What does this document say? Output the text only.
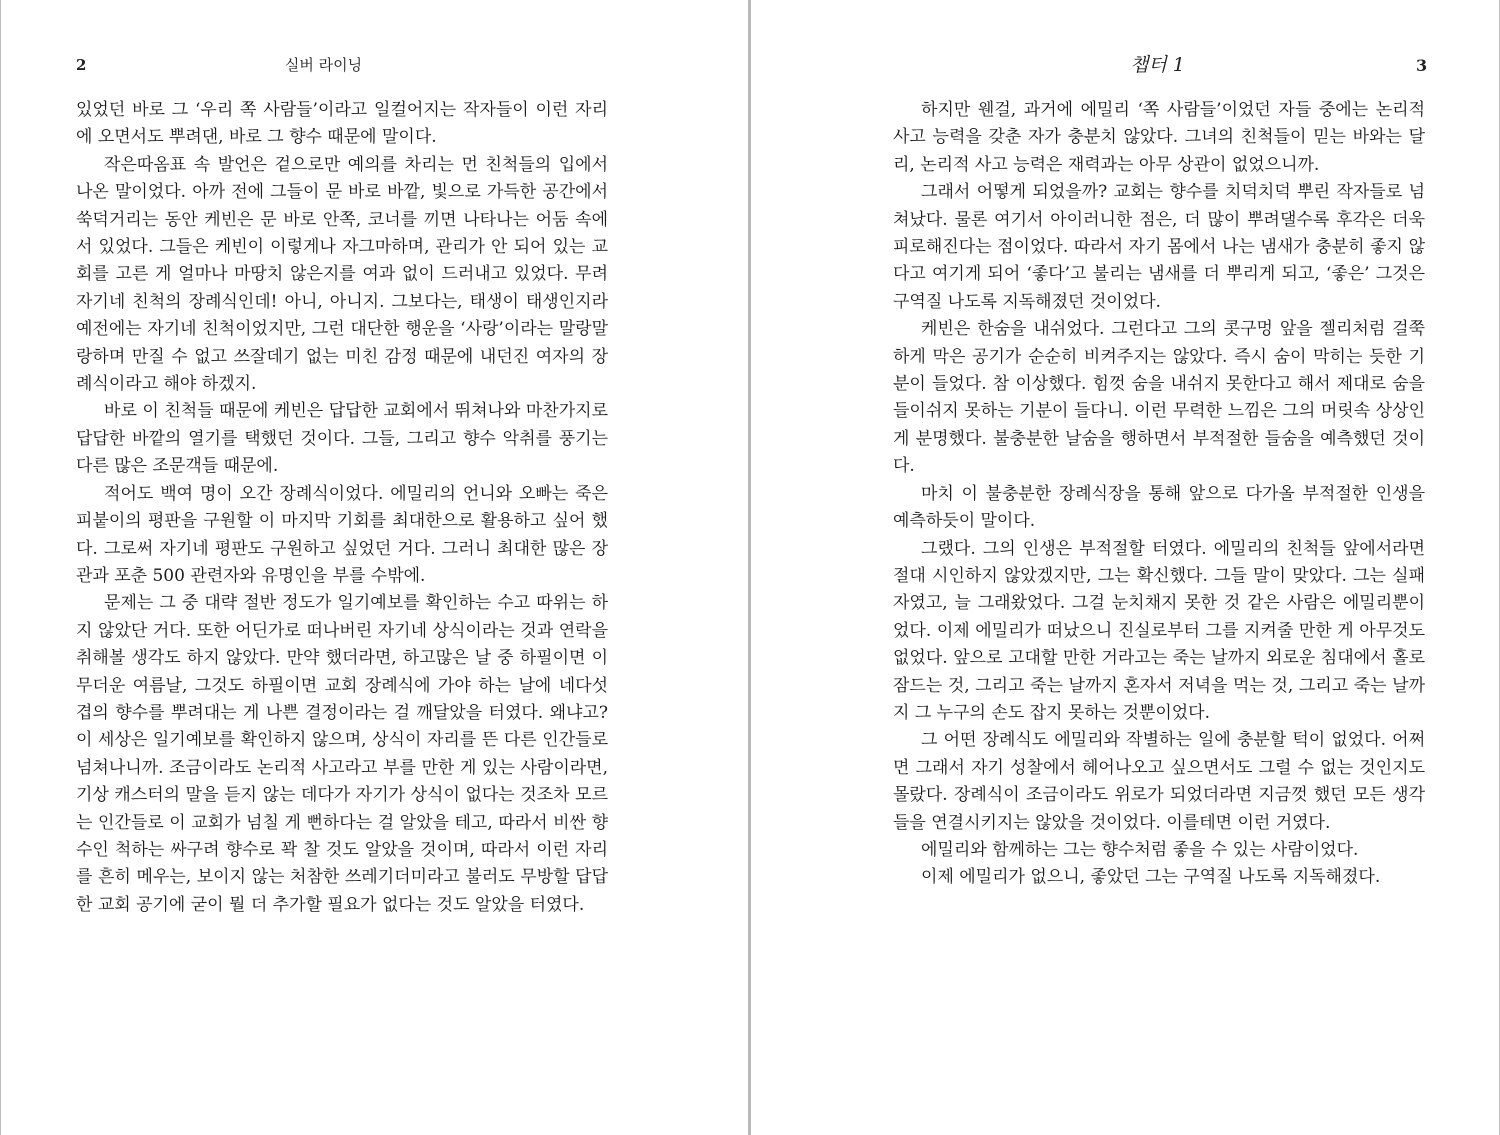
2	실버 라이닝

있었던 바로 그 ‘우리 쪽 사람들’이라고 일컬어지는 작자들이 이런 자리에 오면서도 뿌려댄, 바로 그 향수 때문에 말이다.

작은따옴표 속 발언은 겉으로만 예의를 차리는 먼 친척들의 입에서 나온 말이었다. 아까 전에 그들이 문 바로 바깥, 빛으로 가득한 공간에서 쑥덕거리는 동안 케빈은 문 바로 안쪽, 코너를 끼면 나타나는 어둠 속에 서 있었다. 그들은 케빈이 이렇게나 자그마하며, 관리가 안 되어 있는 교회를 고른 게 얼마나 마땅치 않은지를 여과 없이 드러내고 있었다. 무려 자기네 친척의 장례식인데! 아니, 아니지. 그보다는, 태생이 태생인지라 예전에는 자기네 친척이었지만, 그런 대단한 행운을 ‘사랑’이라는 말랑말랑하며 만질 수 없고 쓰잘데기 없는 미친 감정 때문에 내던진 여자의 장례식이라고 해야 하겠지.

바로 이 친척들 때문에 케빈은 답답한 교회에서 뛰쳐나와 마찬가지로 답답한 바깥의 열기를 택했던 것이다. 그들, 그리고 향수 악취를 풍기는 다른 많은 조문객들 때문에.

적어도 백여 명이 오간 장례식이었다. 에밀리의 언니와 오빠는 죽은 피붙이의 평판을 구원할 이 마지막 기회를 최대한으로 활용하고 싶어 했다. 그로써 자기네 평판도 구원하고 싶었던 거다. 그러니 최대한 많은 장관과 포춘 500 관련자와 유명인을 부를 수밖에.

문제는 그 중 대략 절반 정도가 일기예보를 확인하는 수고 따위는 하지 않았단 거다. 또한 어딘가로 떠나버린 자기네 상식이라는 것과 연락을 취해볼 생각도 하지 않았다. 만약 했더라면, 하고많은 날 중 하필이면 이 무더운 여름날, 그것도 하필이면 교회 장례식에 가야 하는 날에 네다섯 겹의 향수를 뿌려대는 게 나쁜 결정이라는 걸 깨달았을 터였다. 왜냐고? 이 세상은 일기예보를 확인하지 않으며, 상식이 자리를 뜬 다른 인간들로 넘쳐나니까. 조금이라도 논리적 사고라고 부를 만한 게 있는 사람이라면, 기상 캐스터의 말을 듣지 않는 데다가 자기가 상식이 없다는 것조차 모르는 인간들로 이 교회가 넘칠 게 뻔하다는 걸 알았을 테고, 따라서 비싼 향수인 척하는 싸구려 향수로 꽉 찰 것도 알았을 것이며, 따라서 이런 자리를 흔히 메우는, 보이지 않는 처참한 쓰레기더미라고 불러도 무방할 답답한 교회 공기에 굳이 뭘 더 추가할 필요가 없다는 것도 알았을 터였다.

챕터 1	3

하지만 웬걸, 과거에 에밀리 ‘쪽 사람들’이었던 자들 중에는 논리적 사고 능력을 갖춘 자가 충분치 않았다. 그녀의 친척들이 믿는 바와는 달리, 논리적 사고 능력은 재력과는 아무 상관이 없었으니까.

그래서 어떻게 되었을까? 교회는 향수를 치덕치덕 뿌린 작자들로 넘쳐났다. 물론 여기서 아이러니한 점은, 더 많이 뿌려댈수록 후각은 더욱 피로해진다는 점이었다. 따라서 자기 몸에서 나는 냄새가 충분히 좋지 않다고 여기게 되어 ‘좋다’고 불리는 냄새를 더 뿌리게 되고, ‘좋은’ 그것은 구역질 나도록 지독해졌던 것이었다.

케빈은 한숨을 내쉬었다. 그런다고 그의 콧구멍 앞을 젤리처럼 걸쭉하게 막은 공기가 순순히 비켜주지는 않았다. 즉시 숨이 막히는 듯한 기분이 들었다. 참 이상했다. 힘껏 숨을 내쉬지 못한다고 해서 제대로 숨을 들이쉬지 못하는 기분이 들다니. 이런 무력한 느낌은 그의 머릿속 상상인 게 분명했다. 불충분한 날숨을 행하면서 부적절한 들숨을 예측했던 것이다.

마치 이 불충분한 장례식장을 통해 앞으로 다가올 부적절한 인생을 예측하듯이 말이다.

그랬다. 그의 인생은 부적절할 터였다. 에밀리의 친척들 앞에서라면 절대 시인하지 않았겠지만, 그는 확신했다. 그들 말이 맞았다. 그는 실패자였고, 늘 그래왔었다. 그걸 눈치채지 못한 것 같은 사람은 에밀리뿐이었다. 이제 에밀리가 떠났으니 진실로부터 그를 지켜줄 만한 게 아무것도 없었다. 앞으로 고대할 만한 거라고는 죽는 날까지 외로운 침대에서 홀로 잠드는 것, 그리고 죽는 날까지 혼자서 저녁을 먹는 것, 그리고 죽는 날까지 그 누구의 손도 잡지 못하는 것뿐이었다.

그 어떤 장례식도 에밀리와 작별하는 일에 충분할 턱이 없었다. 어쩌면 그래서 자기 성찰에서 헤어나오고 싶으면서도 그럴 수 없는 것인지도 몰랐다. 장례식이 조금이라도 위로가 되었더라면 지금껏 했던 모든 생각들을 연결시키지는 않았을 것이었다. 이를테면 이런 거였다.

에밀리와 함께하는 그는 향수처럼 좋을 수 있는 사람이었다.

이제 에밀리가 없으니, 좋았던 그는 구역질 나도록 지독해졌다.
